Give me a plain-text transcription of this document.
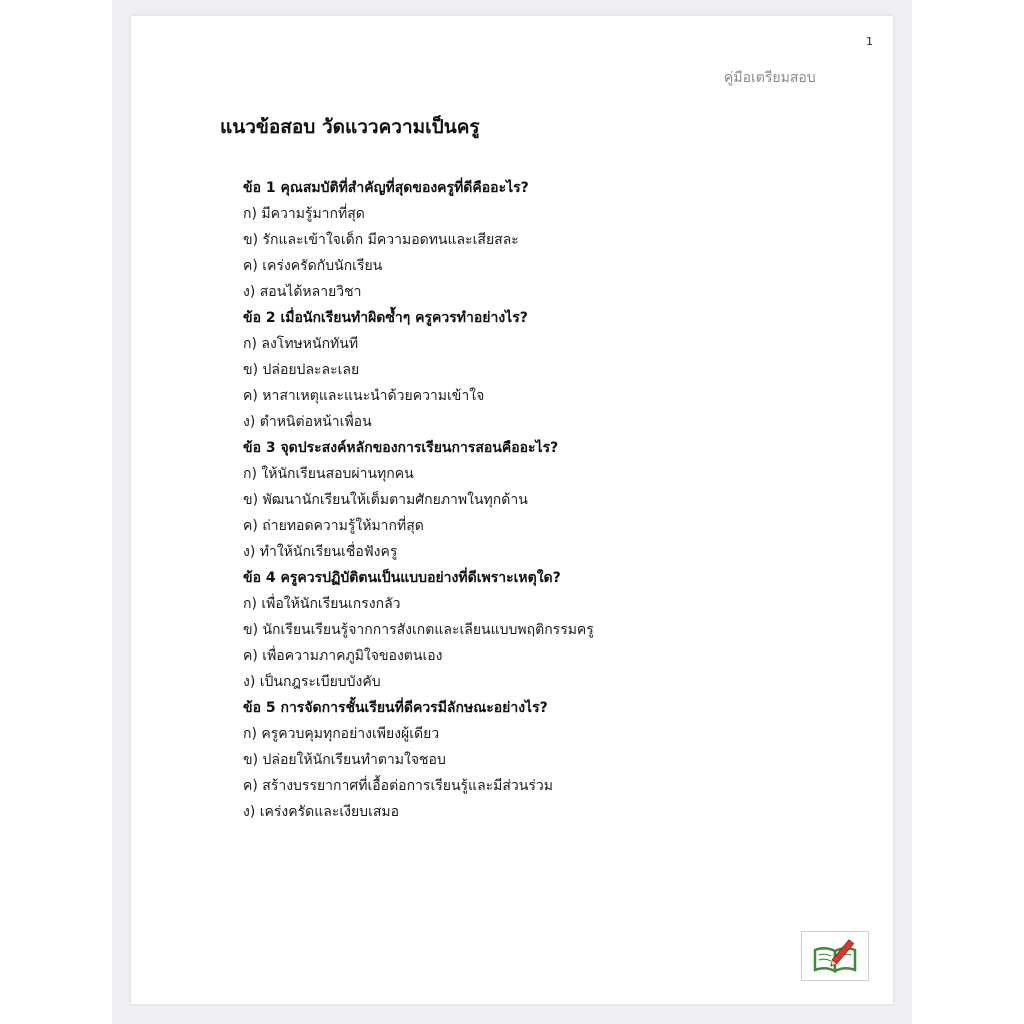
1
คู่มือเตรียมสอบ
แนวข้อสอบ วัดแววความเป็นครู
ข้อ 1 คุณสมบัติที่สำคัญที่สุดของครูที่ดีคืออะไร?
ก) มีความรู้มากที่สุด
ข) รักและเข้าใจเด็ก มีความอดทนและเสียสละ
ค) เคร่งครัดกับนักเรียน
ง) สอนได้หลายวิชา
ข้อ 2 เมื่อนักเรียนทำผิดซ้ำๆ ครูควรทำอย่างไร?
ก) ลงโทษหนักทันที
ข) ปล่อยปละละเลย
ค) หาสาเหตุและแนะนำด้วยความเข้าใจ
ง) ตำหนิต่อหน้าเพื่อน
ข้อ 3 จุดประสงค์หลักของการเรียนการสอนคืออะไร?
ก) ให้นักเรียนสอบผ่านทุกคน
ข) พัฒนานักเรียนให้เต็มตามศักยภาพในทุกด้าน
ค) ถ่ายทอดความรู้ให้มากที่สุด
ง) ทำให้นักเรียนเชื่อฟังครู
ข้อ 4 ครูควรปฏิบัติตนเป็นแบบอย่างที่ดีเพราะเหตุใด?
ก) เพื่อให้นักเรียนเกรงกลัว
ข) นักเรียนเรียนรู้จากการสังเกตและเลียนแบบพฤติกรรมครู
ค) เพื่อความภาคภูมิใจของตนเอง
ง) เป็นกฎระเบียบบังคับ
ข้อ 5 การจัดการชั้นเรียนที่ดีควรมีลักษณะอย่างไร?
ก) ครูควบคุมทุกอย่างเพียงผู้เดียว
ข) ปล่อยให้นักเรียนทำตามใจชอบ
ค) สร้างบรรยากาศที่เอื้อต่อการเรียนรู้และมีส่วนร่วม
ง) เคร่งครัดและเงียบเสมอ
